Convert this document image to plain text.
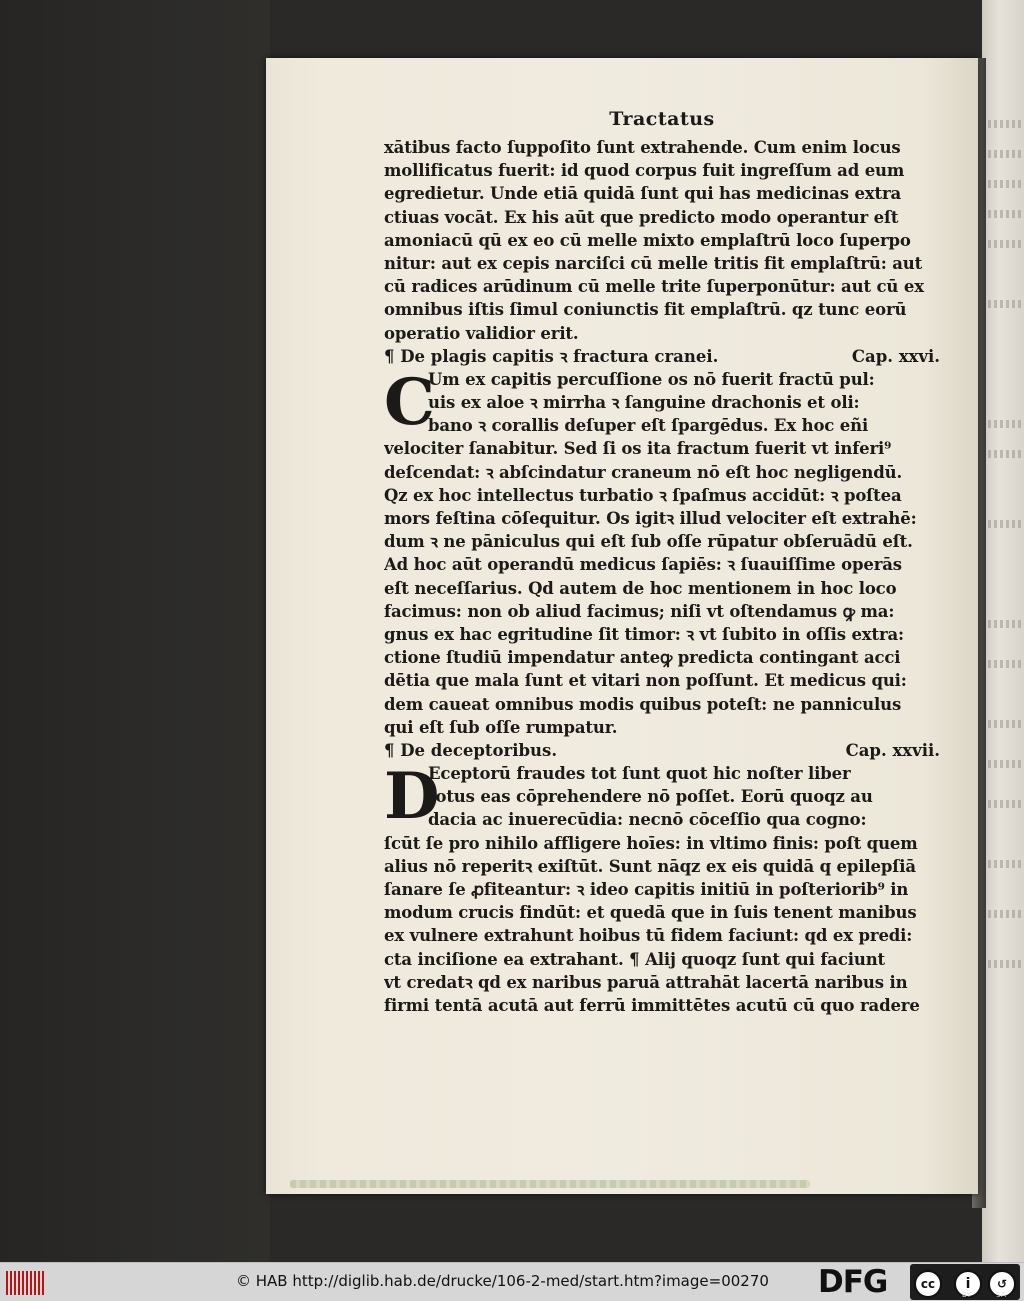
Tractatus
xātibus facto ſuppoſito ſunt extrahende. Cum enim locus
mollificatus fuerit: id quod corpus fuit ingreſſum ad eum
egredietur. Unde etiā quidā ſunt qui has medicinas extra
ctiuas vocāt. Ex his aūt que predicto modo operantur eſt
amoniacū qū ex eo cū melle mixto emplaſtrū loco ſuperpo
nitur: aut ex cepis narciſci cū melle tritis fit emplaſtrū: aut
cū radices arūdinum cū melle trite ſuperponūtur: aut cū ex
omnibus iſtis ſimul coniunctis fit emplaſtrū. qz tunc eorū
operatio validior erit.
¶ De plagis capitis ꝛ fractura cranei.	Cap. xxvi.
C
Um ex capitis percuſſione os nō fuerit fractū pul:
uis ex aloe ꝛ mirrha ꝛ ſanguine drachonis et oli:
bano ꝛ corallis deſuper eſt ſpargēdus. Ex hoc eñi
velociter ſanabitur. Sed ſi os ita fractum fuerit vt inferi⁹
deſcendat: ꝛ abſcindatur craneum nō eſt hoc negligendū.
Qz ex hoc intellectus turbatio ꝛ ſpaſmus accidūt: ꝛ poſtea
mors feſtina cōſequitur. Os igitꝛ illud velociter eſt extrahē:
dum ꝛ ne pāniculus qui eſt ſub oſſe rūpatur obſeruādū eſt.
Ad hoc aūt operandū medicus ſapiēs: ꝛ ſuauiſſime operās
eſt neceſſarius. Qd autem de hoc mentionem in hoc loco
facimus: non ob aliud facimus; niſi vt oſtendamus ꝙ ma:
gnus ex hac egritudine ſit timor: ꝛ vt ſubito in oſſis extra:
ctione ſtudiū impendatur anteꝙ predicta contingant acci
dētia que mala ſunt et vitari non poſſunt. Et medicus qui:
dem caueat omnibus modis quibus poteſt: ne panniculus
qui eſt ſub oſſe rumpatur.
¶ De deceptoribus.	Cap. xxvii.
D
Eceptorū fraudes tot ſunt quot hic noſter liber
totus eas cōprehendere nō poſſet. Eorū quoqz au
dacia ac inuerecūdia: necnō cōceſſio qua cogno:
ſcūt ſe pro nihilo affligere hoīes: in vltimo finis: poſt quem
alius nō reperitꝛ exiſtūt. Sunt nāqz ex eis quidā q epilepſiā
ſanare ſe ꝓfiteantur: ꝛ ideo capitis initiū in poſteriorib⁹ in
modum crucis findūt: et quedā que in ſuis tenent manibus
ex vulnere extrahunt hoibus tū fidem faciunt: qd ex predi:
cta inciſione ea extrahant. ¶ Alij quoqz ſunt qui faciunt
vt credatꝛ qd ex naribus paruā attrahāt lacertā naribus in
firmi tentā acutā aut ferrū immittētes acutū cū quo radere
© HAB http://diglib.hab.de/drucke/106-2-med/start.htm?image=00270 DFG	cc	i	↺
BY	SA
